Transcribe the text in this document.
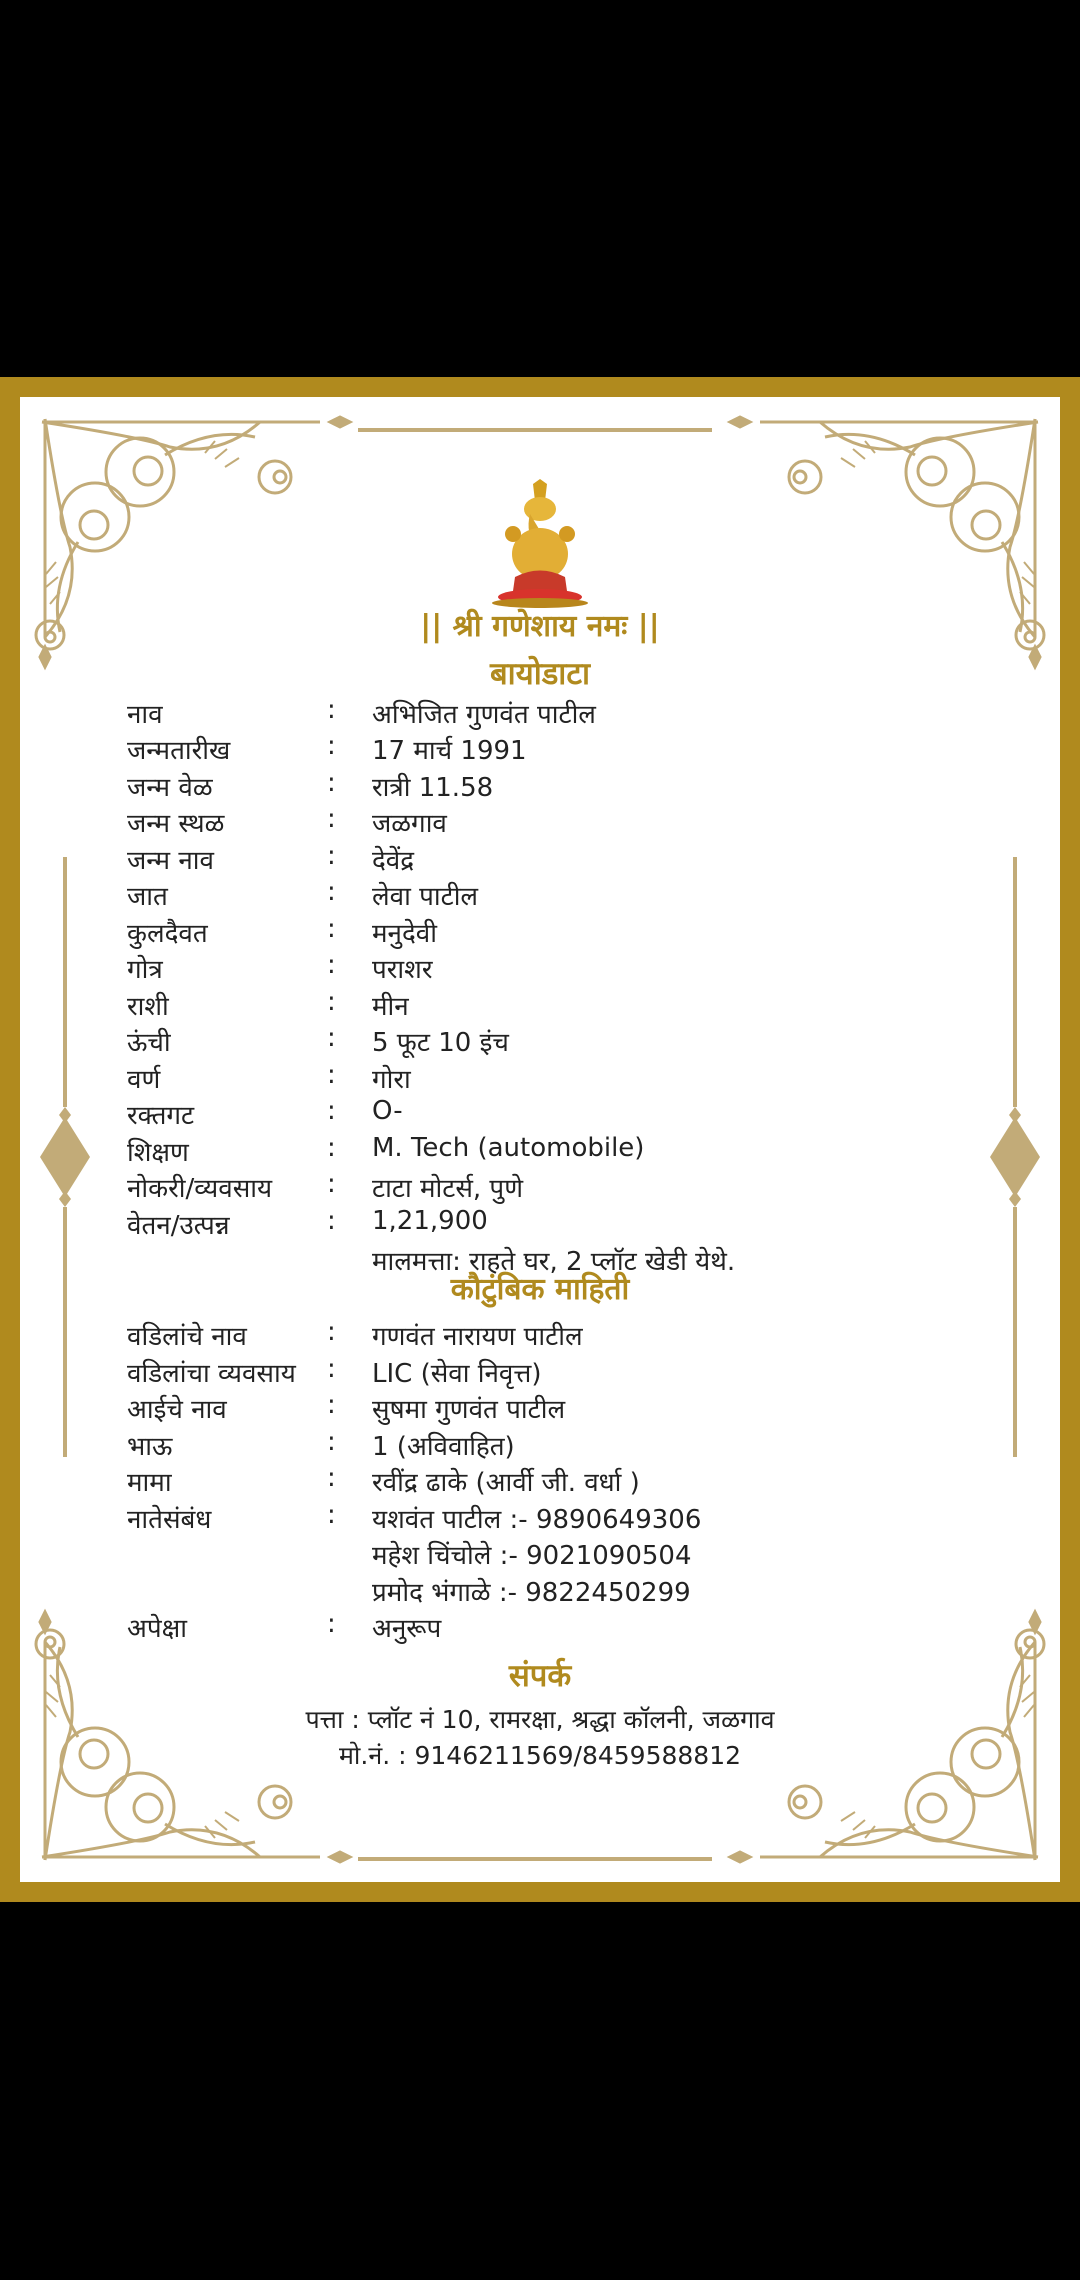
|| श्री गणेशाय नमः ||
बायोडाटा
नाव	: अभिजित गुणवंत पाटील
जन्मतारीख	: 17 मार्च 1991
जन्म वेळ	: रात्री 11.58
जन्म स्थळ	: जळगाव
जन्म नाव	: देवेंद्र
जात	: लेवा पाटील
कुलदैवत	: मनुदेवी
गोत्र	: पराशर
राशी	: मीन
ऊंची	: 5 फूट 10 इंच
वर्ण	: गोरा
रक्तगट	: O-
शिक्षण	: M. Tech (automobile)
नोकरी/व्यवसाय	: टाटा मोटर्स, पुणे
वेतन/उत्पन्न	: 1,21,900
मालमत्ता: राहते घर, 2 प्लॉट खेडी येथे.
कौटुंबिक माहिती
वडिलांचे नाव	: गणवंत नारायण पाटील
वडिलांचा व्यवसाय	: LIC (सेवा निवृत्त)
आईचे नाव	: सुषमा गुणवंत पाटील
भाऊ	: 1 (अविवाहित)
मामा	: रवींद्र ढाके (आर्वी जी. वर्धा )
नातेसंबंध	: यशवंत पाटील :- 9890649306
महेश चिंचोले :- 9021090504
प्रमोद भंगाळे :- 9822450299
अपेक्षा	: अनुरूप
संपर्क
पत्ता : प्लॉट नं 10, रामरक्षा, श्रद्धा कॉलनी, जळगाव
मो.नं. : 9146211569/8459588812
